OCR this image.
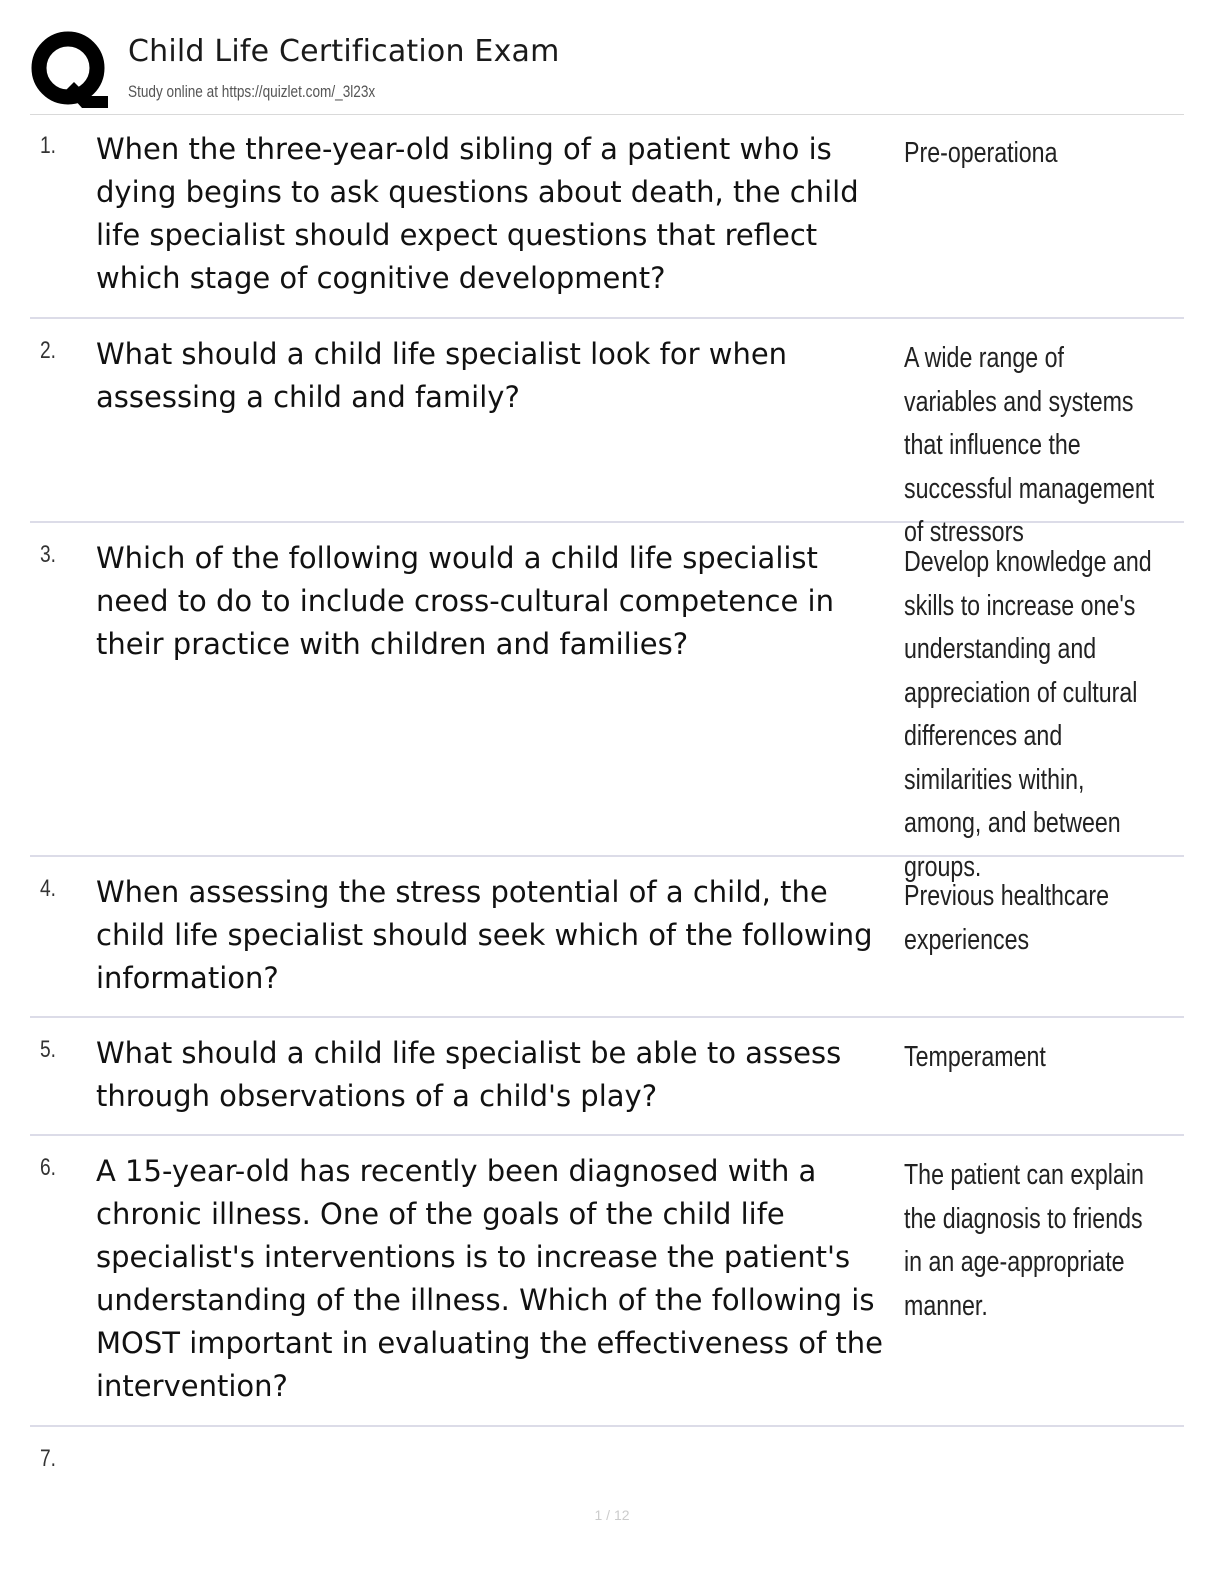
Child Life Certification Exam
Study online at https://quizlet.com/_3l23x
1. When the three-year-old sibling of a patient who is dying begins to ask questions about death, the child life specialist should expect questions that reflect which stage of cognitive development?
Pre-operationa
2. What should a child life specialist look for when assessing a child and family?
A wide range of variables and systems that influence the successful management of stressors
3. Which of the following would a child life specialist need to do to include cross-cultural competence in their practice with children and families?
Develop knowledge and skills to increase one's understanding and appreciation of cultural differences and similarities within, among, and between groups.
4. When assessing the stress potential of a child, the child life specialist should seek which of the following information?
Previous healthcare experiences
5. What should a child life specialist be able to assess through observations of a child's play?
Temperament
6. A 15-year-old has recently been diagnosed with a chronic illness. One of the goals of the child life specialist's interventions is to increase the patient's understanding of the illness. Which of the following is MOST important in evaluating the effectiveness of the intervention?
The patient can explain the diagnosis to friends in an age-appropriate manner.
7.
1 / 12
